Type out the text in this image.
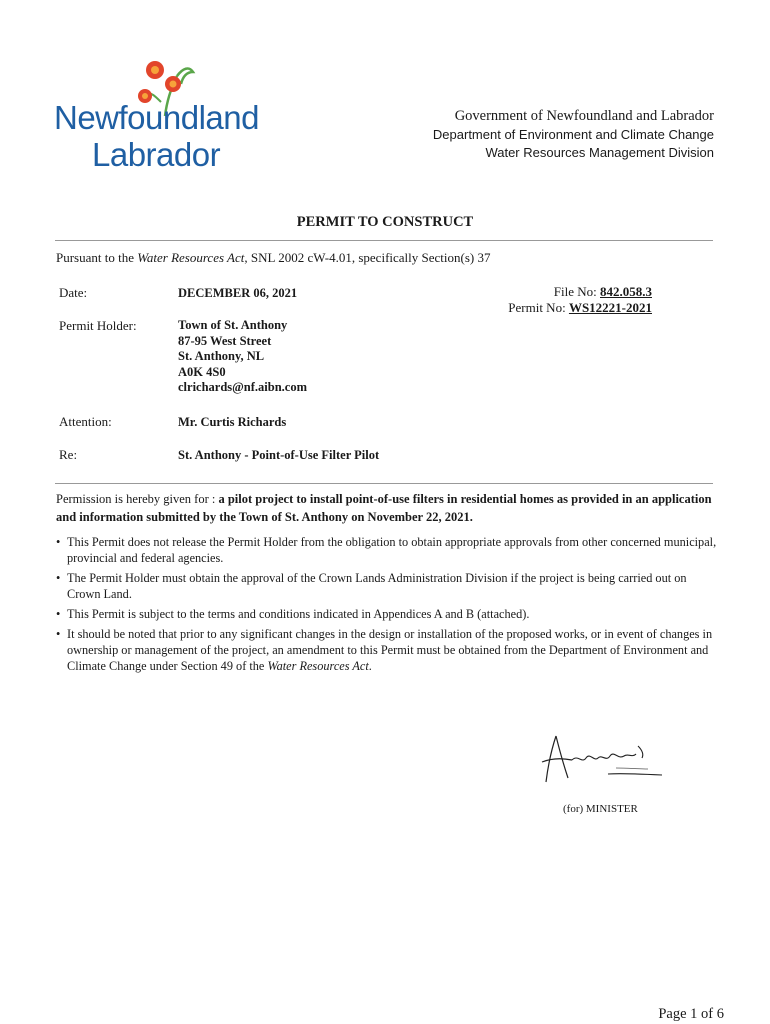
Newfoundland
Labrador
Government of Newfoundland and Labrador
Department of Environment and Climate Change
Water Resources Management Division
PERMIT TO CONSTRUCT
Pursuant to the Water Resources Act, SNL 2002 cW-4.01, specifically Section(s) 37
Date:	DECEMBER 06, 2021	File No: 842.058.3
Permit No: WS12221-2021
Permit Holder:	Town of St. Anthony
87-95 West Street
St. Anthony, NL
A0K 4S0
clrichards@nf.aibn.com
Attention:	Mr. Curtis Richards
Re:	St. Anthony - Point-of-Use Filter Pilot
Permission is hereby given for : a pilot project to install point-of-use filters in residential homes as provided in an application and information submitted by the Town of St. Anthony on November 22, 2021.
• This Permit does not release the Permit Holder from the obligation to obtain appropriate approvals from other concerned municipal, provincial and federal agencies.
• The Permit Holder must obtain the approval of the Crown Lands Administration Division if the project is being carried out on Crown Land.
• This Permit is subject to the terms and conditions indicated in Appendices A and B (attached).
• It should be noted that prior to any significant changes in the design or installation of the proposed works, or in event of changes in ownership or management of the project, an amendment to this Permit must be obtained from the Department of Environment and Climate Change under Section 49 of the Water Resources Act.
(for) MINISTER
Page 1 of 6
